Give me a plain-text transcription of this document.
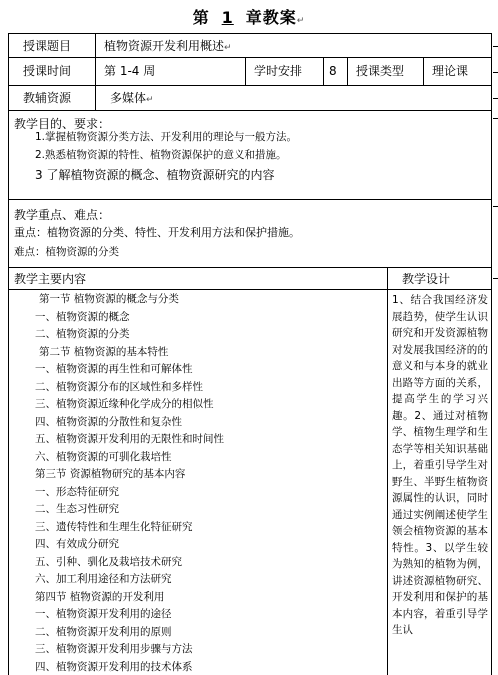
第 1 章教案↵
授课题目	植物资源开发利用概述↵
授课时间	第 1-4 周	学时安排	8	授课类型	理论课
教辅资源	多媒体↵
教学目的、要求：
1.掌握植物资源分类方法、开发利用的理论与一般方法。
2.熟悉植物资源的特性、植物资源保护的意义和措施。
3 了解植物资源的概念、植物资源研究的内容
教学重点、难点：
重点：植物资源的分类、特性、开发利用方法和保护措施。
难点：植物资源的分类
教学主要内容	教学设计
第一节 植物资源的概念与分类
一、植物资源的概念
二、植物资源的分类
第二节 植物资源的基本特性
一、植物资源的再生性和可解体性
二、植物资源分布的区域性和多样性
三、植物资源近缘种化学成分的相似性
四、植物资源的分散性和复杂性
五、植物资源开发利用的无限性和时间性
六、植物资源的可驯化栽培性
第三节 资源植物研究的基本内容
一、形态特征研究
二、生态习性研究
三、遗传特性和生理生化特征研究
四、有效成分研究
五、引种、驯化及栽培技术研究
六、加工利用途径和方法研究
第四节 植物资源的开发利用
一、植物资源开发利用的途径
二、植物资源开发利用的原则
三、植物资源开发利用步骤与方法
四、植物资源开发利用的技术体系
1、结合我国经济发展趋势，使学生认识研究和开发资源植物对发展我国经济的的意义和与本身的就业出路等方面的关系，提高学生的学习兴趣。2、通过对植物学、植物生理学和生态学等相关知识基础上，着重引导学生对野生、半野生植物资源属性的认识，同时通过实例阐述使学生领会植物资源的基本特性。3、以学生较为熟知的植物为例，讲述资源植物研究、开发利用和保护的基本内容，着重引导学生认
